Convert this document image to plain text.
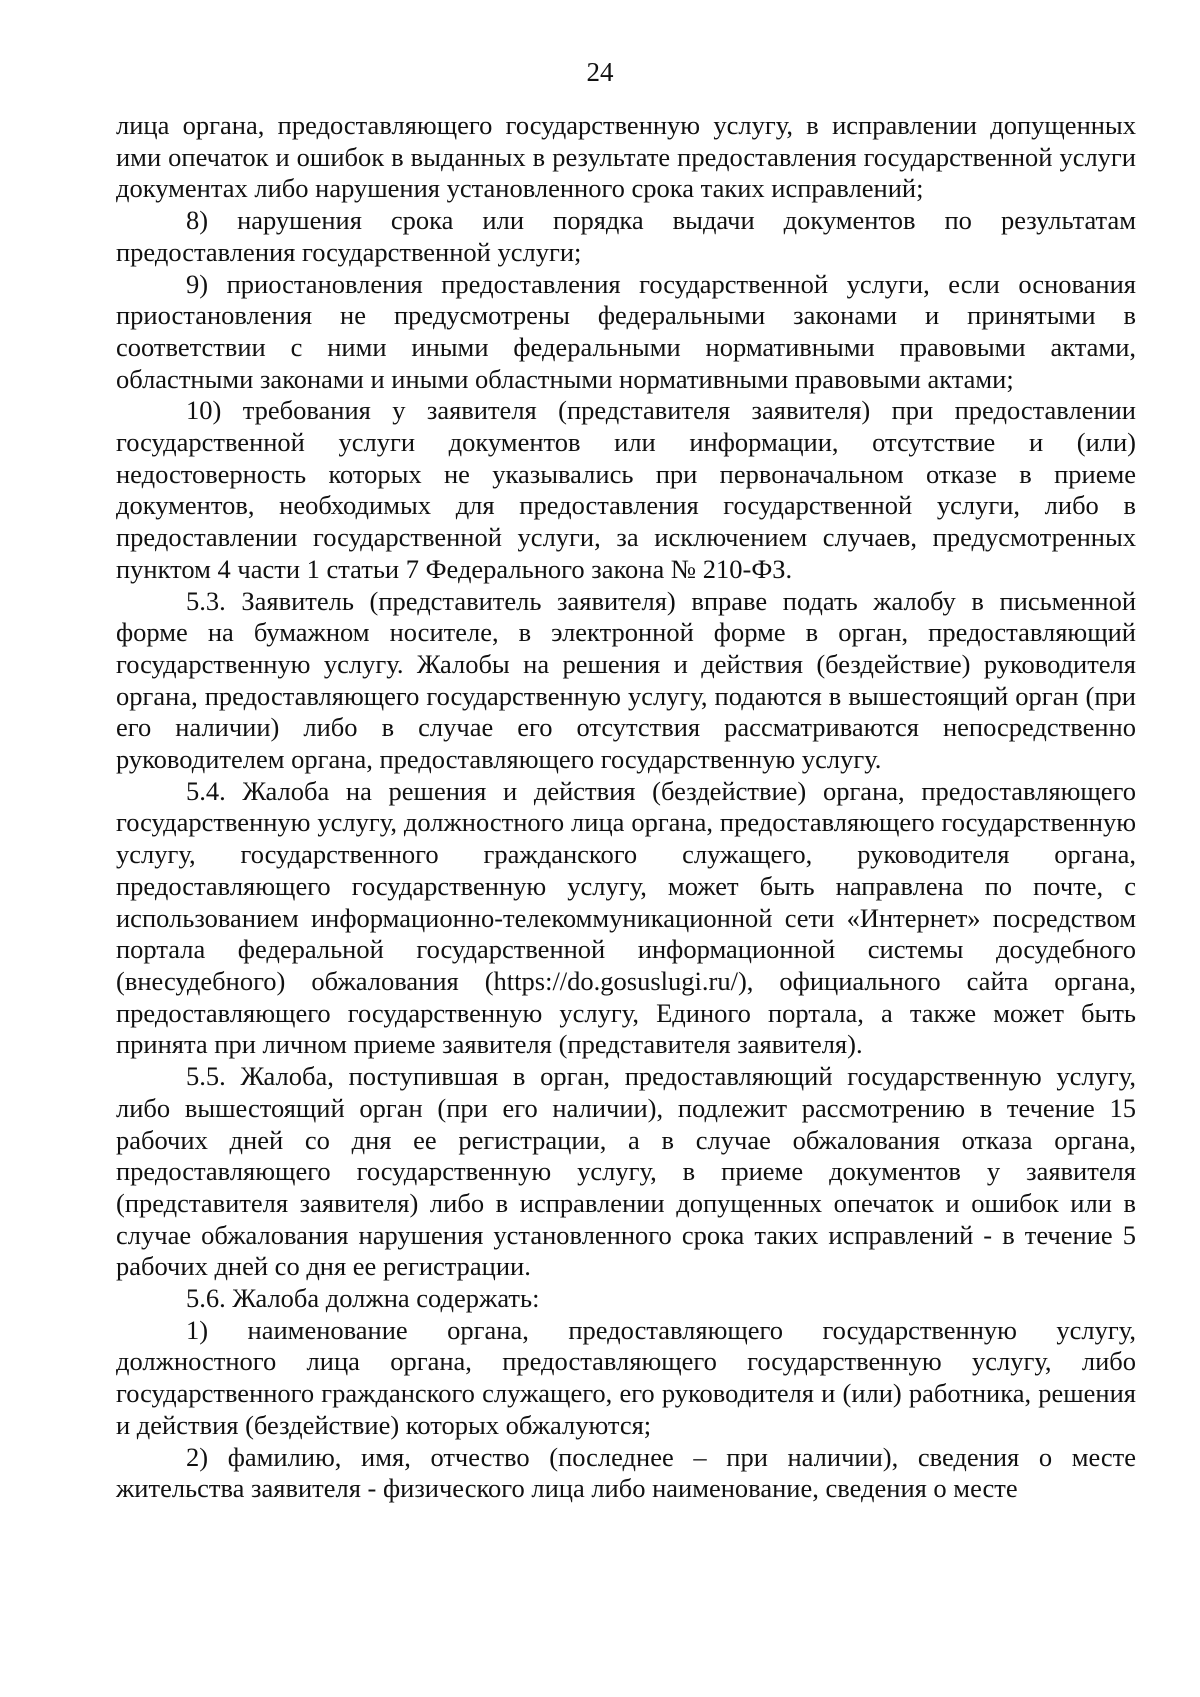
24

лица органа, предоставляющего государственную услугу, в исправлении допущенных ими опечаток и ошибок в выданных в результате предоставления государственной услуги документах либо нарушения установленного срока таких исправлений;

8) нарушения срока или порядка выдачи документов по результатам предоставления государственной услуги;

9) приостановления предоставления государственной услуги, если основания приостановления не предусмотрены федеральными законами и принятыми в соответствии с ними иными федеральными нормативными правовыми актами, областными законами и иными областными нормативными правовыми актами;

10) требования у заявителя (представителя заявителя) при предоставлении государственной услуги документов или информации, отсутствие и (или) недостоверность которых не указывались при первоначальном отказе в приеме документов, необходимых для предоставления государственной услуги, либо в предоставлении государственной услуги, за исключением случаев, предусмотренных пунктом 4 части 1 статьи 7 Федерального закона № 210-ФЗ.

5.3. Заявитель (представитель заявителя) вправе подать жалобу в письменной форме на бумажном носителе, в электронной форме в орган, предоставляющий государственную услугу. Жалобы на решения и действия (бездействие) руководителя органа, предоставляющего государственную услугу, подаются в вышестоящий орган (при его наличии) либо в случае его отсутствия рассматриваются непосредственно руководителем органа, предоставляющего государственную услугу.

5.4. Жалоба на решения и действия (бездействие) органа, предоставляющего государственную услугу, должностного лица органа, предоставляющего государственную услугу, государственного гражданского служащего, руководителя органа, предоставляющего государственную услугу, может быть направлена по почте, с использованием информационно-телекоммуникационной сети «Интернет» посредством портала федеральной государственной информационной системы досудебного (внесудебного) обжалования (https://do.gosuslugi.ru/), официального сайта органа, предоставляющего государственную услугу, Единого портала, а также может быть принята при личном приеме заявителя (представителя заявителя).

5.5. Жалоба, поступившая в орган, предоставляющий государственную услугу, либо вышестоящий орган (при его наличии), подлежит рассмотрению в течение 15 рабочих дней со дня ее регистрации, а в случае обжалования отказа органа, предоставляющего государственную услугу, в приеме документов у заявителя (представителя заявителя) либо в исправлении допущенных опечаток и ошибок или в случае обжалования нарушения установленного срока таких исправлений - в течение 5 рабочих дней со дня ее регистрации.

5.6. Жалоба должна содержать:

1) наименование органа, предоставляющего государственную услугу, должностного лица органа, предоставляющего государственную услугу, либо государственного гражданского служащего, его руководителя и (или) работника, решения и действия (бездействие) которых обжалуются;

2) фамилию, имя, отчество (последнее – при наличии), сведения о месте жительства заявителя - физического лица либо наименование, сведения о месте
